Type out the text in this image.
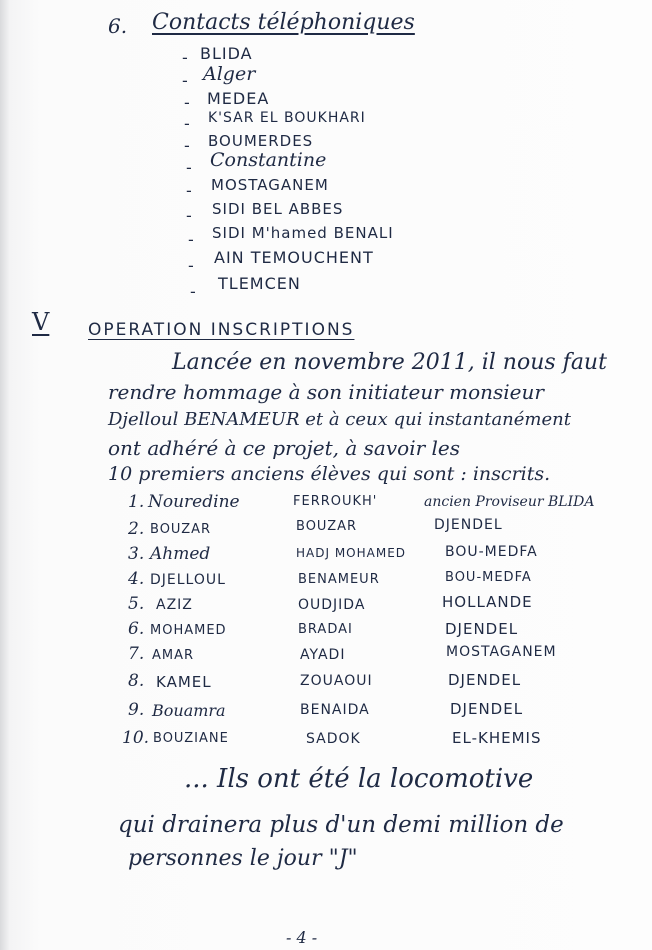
6. Contacts téléphoniques
- BLIDA
- Alger
- MEDEA
- K'SAR EL BOUKHARI
- BOUMERDES
- Constantine
- MOSTAGANEM
- SIDI BEL ABBES
- SIDI M'hamed BENALI
- AIN TEMOUCHENT
- TLEMCEN
V OPERATION INSCRIPTIONS
Lancée en novembre 2011, il nous faut
rendre hommage à son initiateur monsieur
Djelloul BENAMEUR et à ceux qui instantanément
ont adhéré à ce projet, à savoir les
10 premiers anciens élèves qui sont : inscrits.
1. Nouredine	FERROUKH'	ancien Proviseur BLIDA
2. BOUZAR	BOUZAR	DJENDEL
3. Ahmed	HADJ MOHAMED	BOU-MEDFA
4. DJELLOUL	BENAMEUR	BOU-MEDFA
5. AZIZ	OUDJIDA	HOLLANDE
6. MOHAMED	BRADAI	DJENDEL
7. AMAR	AYADI	MOSTAGANEM
8. KAMEL	ZOUAOUI	DJENDEL
9. Bouamra	BENAIDA	DJENDEL
10. BOUZIANE	SADOK	EL-KHEMIS
... Ils ont été la locomotive
qui drainera plus d'un demi million de
personnes le jour "J"
- 4 -
